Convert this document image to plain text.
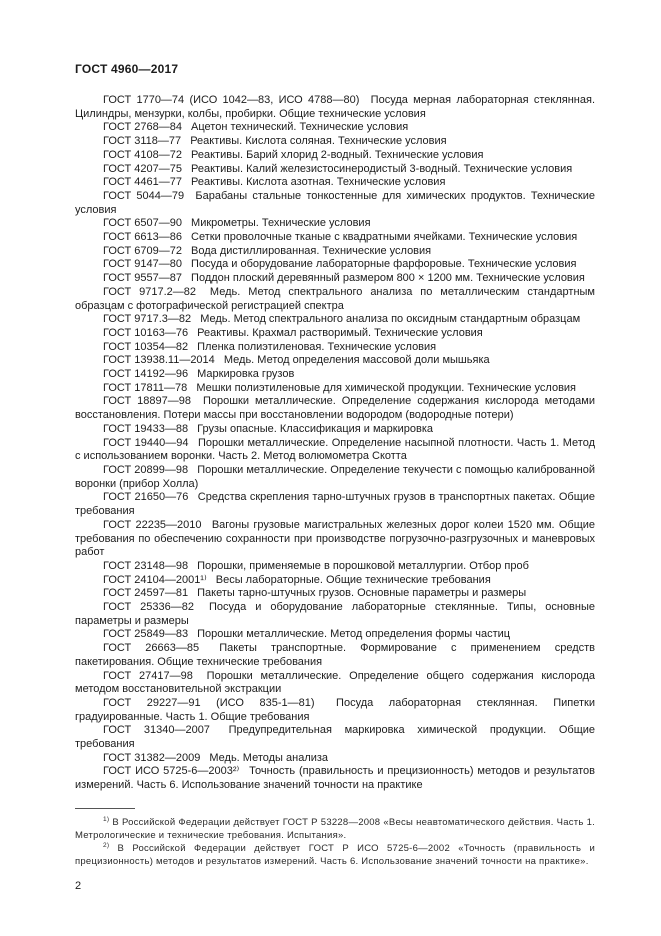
ГОСТ 4960—2017

ГОСТ 1770—74 (ИСО 1042—83, ИСО 4788—80) Посуда мерная лабораторная стеклянная. Цилиндры, мензурки, колбы, пробирки. Общие технические условия

ГОСТ 2768—84 Ацетон технический. Технические условия

ГОСТ 3118—77 Реактивы. Кислота соляная. Технические условия

ГОСТ 4108—72 Реактивы. Барий хлорид 2-водный. Технические условия

ГОСТ 4207—75 Реактивы. Калий железистосинеродистый 3-водный. Технические условия

ГОСТ 4461—77 Реактивы. Кислота азотная. Технические условия

ГОСТ 5044—79 Барабаны стальные тонкостенные для химических продуктов. Технические условия

ГОСТ 6507—90 Микрометры. Технические условия

ГОСТ 6613—86 Сетки проволочные тканые с квадратными ячейками. Технические условия

ГОСТ 6709—72 Вода дистиллированная. Технические условия

ГОСТ 9147—80 Посуда и оборудование лабораторные фарфоровые. Технические условия

ГОСТ 9557—87 Поддон плоский деревянный размером 800 × 1200 мм. Технические условия

ГОСТ 9717.2—82 Медь. Метод спектрального анализа по металлическим стандартным образцам с фотографической регистрацией спектра

ГОСТ 9717.3—82 Медь. Метод спектрального анализа по оксидным стандартным образцам

ГОСТ 10163—76 Реактивы. Крахмал растворимый. Технические условия

ГОСТ 10354—82 Пленка полиэтиленовая. Технические условия

ГОСТ 13938.11—2014 Медь. Метод определения массовой доли мышьяка

ГОСТ 14192—96 Маркировка грузов

ГОСТ 17811—78 Мешки полиэтиленовые для химической продукции. Технические условия

ГОСТ 18897—98 Порошки металлические. Определение содержания кислорода методами восстановления. Потери массы при восстановлении водородом (водородные потери)

ГОСТ 19433—88 Грузы опасные. Классификация и маркировка

ГОСТ 19440—94 Порошки металлические. Определение насыпной плотности. Часть 1. Метод с использованием воронки. Часть 2. Метод волюмометра Скотта

ГОСТ 20899—98 Порошки металлические. Определение текучести с помощью калиброванной воронки (прибор Холла)

ГОСТ 21650—76 Средства скрепления тарно-штучных грузов в транспортных пакетах. Общие требования

ГОСТ 22235—2010 Вагоны грузовые магистральных железных дорог колеи 1520 мм. Общие требования по обеспечению сохранности при производстве погрузочно-разгрузочных и маневровых работ

ГОСТ 23148—98 Порошки, применяемые в порошковой металлургии. Отбор проб

ГОСТ 24104—2001¹⁾ Весы лабораторные. Общие технические требования

ГОСТ 24597—81 Пакеты тарно-штучных грузов. Основные параметры и размеры

ГОСТ 25336—82 Посуда и оборудование лабораторные стеклянные. Типы, основные параметры и размеры

ГОСТ 25849—83 Порошки металлические. Метод определения формы частиц

ГОСТ 26663—85 Пакеты транспортные. Формирование с применением средств пакетирования. Общие технические требования

ГОСТ 27417—98 Порошки металлические. Определение общего содержания кислорода методом восстановительной экстракции

ГОСТ 29227—91 (ИСО 835-1—81) Посуда лабораторная стеклянная. Пипетки градуированные. Часть 1. Общие требования

ГОСТ 31340—2007 Предупредительная маркировка химической продукции. Общие требования

ГОСТ 31382—2009 Медь. Методы анализа

ГОСТ ИСО 5725-6—2003²⁾ Точность (правильность и прецизионность) методов и результатов измерений. Часть 6. Использование значений точности на практике

$^{1)}$ В Российской Федерации действует ГОСТ Р 53228—2008 «Весы неавтоматического действия. Часть 1. Метрологические и технические требования. Испытания».

$^{2)}$ В Российской Федерации действует ГОСТ Р ИСО 5725-6—2002 «Точность (правильность и прецизионность) методов и результатов измерений. Часть 6. Использование значений точности на практике».

2
